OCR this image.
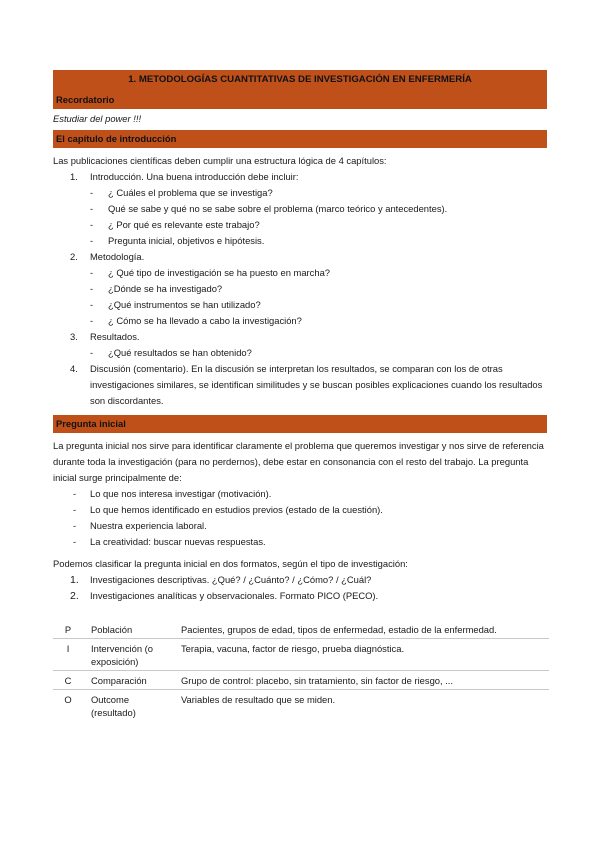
1. METODOLOGÍAS CUANTITATIVAS DE INVESTIGACIÓN EN ENFERMERÍA
Recordatorio
Estudiar del power !!!
El capítulo de introducción

Las publicaciones científicas deben cumplir una estructura lógica de 4 capítulos:

1. Introducción. Una buena introducción debe incluir:
- ¿ Cuáles el problema que se investiga?
- Qué se sabe y qué no se sabe sobre el problema (marco teórico y antecedentes).
- ¿ Por qué es relevante este trabajo?
- Pregunta inicial, objetivos e hipótesis.
2. Metodología.
- ¿ Qué tipo de investigación se ha puesto en marcha?
- ¿Dónde se ha investigado?
- ¿Qué instrumentos se han utilizado?
- ¿ Cómo se ha llevado a cabo la investigación?
3. Resultados.
- ¿Qué resultados se han obtenido?
4. Discusión (comentario). En la discusión se interpretan los resultados, se comparan con los de otras investigaciones similares, se identifican similitudes y se buscan posibles explicaciones cuando los resultados son discordantes.
Pregunta inicial

La pregunta inicial nos sirve para identificar claramente el problema que queremos investigar y nos sirve de referencia durante toda la investigación (para no perdernos), debe estar en consonancia con el resto del trabajo. La pregunta inicial surge principalmente de:

- Lo que nos interesa investigar (motivación).
- Lo que hemos identificado en estudios previos (estado de la cuestión).
- Nuestra experiencia laboral.
- La creatividad: buscar nuevas respuestas.

Podemos clasificar la pregunta inicial en dos formatos, según el tipo de investigación:

1. Investigaciones descriptivas. ¿Qué? / ¿Cuánto? / ¿Cómo? / ¿Cuál?
2. Investigaciones analíticas y observacionales. Formato PICO (PECO).
P	Población	Pacientes, grupos de edad, tipos de enfermedad, estadio de la enfermedad.
I	Intervención (o exposición)	Terapia, vacuna, factor de riesgo, prueba diagnóstica.
C	Comparación	Grupo de control: placebo, sin tratamiento, sin factor de riesgo, ...
O	Outcome (resultado)	Variables de resultado que se miden.
